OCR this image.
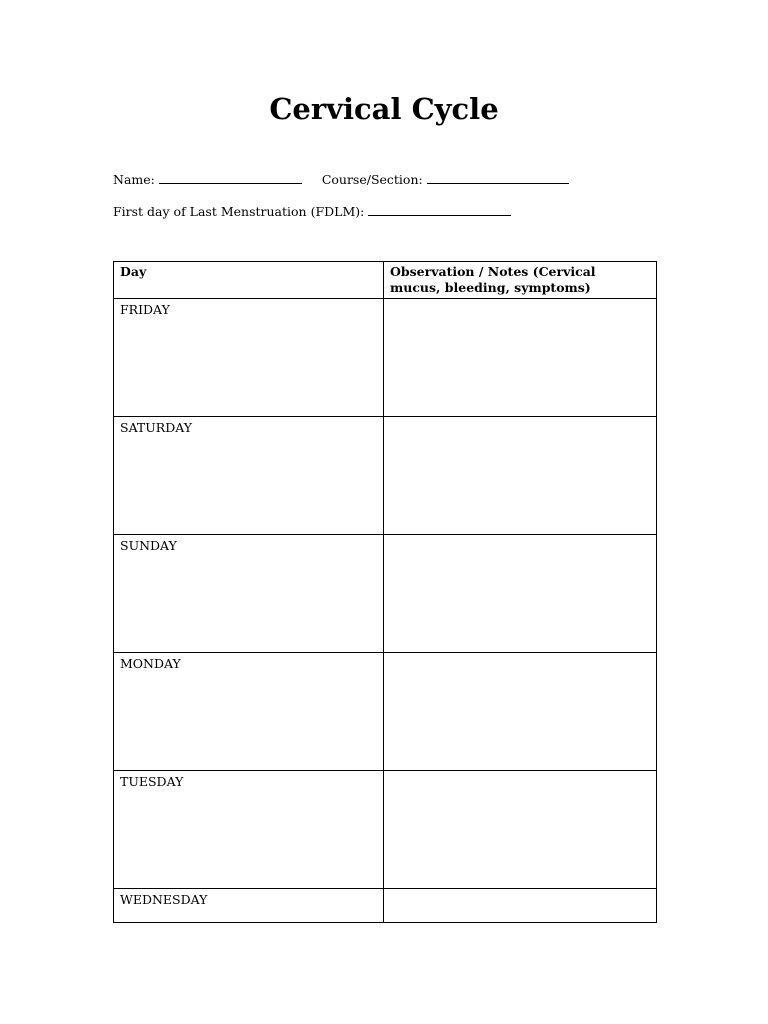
Cervical Cycle
Name:	Course/Section:
First day of Last Menstruation (FDLM):
Day	Observation / Notes (Cervical mucus, bleeding, symptoms)

FRIDAY	

SATURDAY	

SUNDAY	

MONDAY	

TUESDAY	

WEDNESDAY	
